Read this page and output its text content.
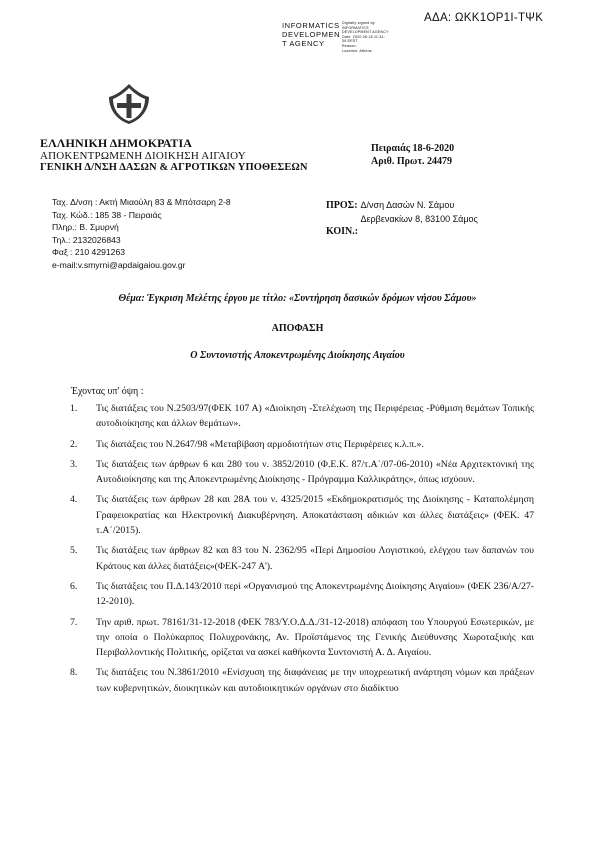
ΑΔΑ: ΩΚΚ1ΟΡ1Ι-ΤΨΚ
INFORMATICS
DEVELOPMEN
T AGENCY
Digitally signed by
INFORMATICS
DEVELOPMENT AGENCY
Date: 2020.06.18 11:34:
35 EEST
Reason:
Location: Athens
ΕΛΛΗΝΙΚΗ ΔΗΜΟΚΡΑΤΙΑ
ΑΠΟΚΕΝΤΡΩΜΕΝΗ ΔΙΟΙΚΗΣΗ ΑΙΓΑΙΟΥ
ΓΕΝΙΚΗ Δ/ΝΣΗ ΔΑΣΩΝ & ΑΓΡΟΤΙΚΩΝ ΥΠΟΘΕΣΕΩΝ
Πειραιάς 18-6-2020
Αριθ. Πρωτ. 24479
Ταχ. Δ/νση : Ακτή Μιαούλη 83 & Μπότσαρη 2-8
Ταχ. Κώδ.: 185 38 - Πειραιάς
Πληρ.: Β. Σμυρνή
Τηλ.: 2132026843
Φαξ : 210 4291263
e-mail:v.smyrni@apdaigaiou.gov.gr
ΠΡΟΣ: Δ/νση Δασών Ν. Σάμου
Δερβενακίων 8, 83100 Σάμος
ΚΟΙΝ.:
Θέμα: Έγκριση Μελέτης έργου με τίτλο: «Συντήρηση δασικών δρόμων νήσου Σάμου»
ΑΠΟΦΑΣΗ
Ο Συντονιστής Αποκεντρωμένης Διοίκησης Αιγαίου
Έχοντας υπ' όψη :
1. Τις διατάξεις του Ν.2503/97(ΦΕΚ 107 Α) «Διοίκηση -Στελέχωση της Περιφέρειας -Ρύθμιση θεμάτων Τοπικής αυτοδιοίκησης και άλλων θεμάτων».
2. Τις διατάξεις του Ν.2647/98 «Μεταβίβαση αρμοδιοτήτων στις Περιφέρειες κ.λ.π.».
3. Τις διατάξεις των άρθρων 6 και 280 του ν. 3852/2010 (Φ.Ε.Κ. 87/τ.Α΄/07-06-2010) «Νέα Αρχιτεκτονική της Αυτοδιοίκησης και της Αποκεντρωμένης Διοίκησης - Πρόγραμμα Καλλικράτης», όπως ισχύουν.
4. Τις διατάξεις των άρθρων 28 και 28Α του ν. 4325/2015 «Εκδημοκρατισμός της Διοίκησης - Καταπολέμηση Γραφειοκρατίας και Ηλεκτρονική Διακυβέρνηση. Αποκατάσταση αδικιών και άλλες διατάξεις» (ΦΕΚ. 47 τ.Α΄/2015).
5. Τις διατάξεις των άρθρων 82 και 83 του Ν. 2362/95 «Περί Δημοσίου Λογιστικού, ελέγχου των δαπανών του Κράτους και άλλες διατάξεις»(ΦΕΚ-247 Α').
6. Τις διατάξεις του Π.Δ.143/2010 περί «Οργανισμού της Αποκεντρωμένης Διοίκησης Αιγαίου» (ΦΕΚ 236/Α/27-12-2010).
7. Την αριθ. πρωτ. 78161/31-12-2018 (ΦΕΚ 783/Υ.Ο.Δ.Δ./31-12-2018) απόφαση του Υπουργού Εσωτερικών, με την οποία ο Πολύκαρπος Πολυχρονάκης, Αν. Προϊστάμενος της Γενικής Διεύθυνσης Χωροταξικής και Περιβαλλοντικής Πολιτικής, ορίζεται να ασκεί καθήκοντα Συντονιστή Α. Δ. Αιγαίου.
8. Τις διατάξεις του Ν.3861/2010 «Ενίσχυση της διαφάνειας με την υποχρεωτική ανάρτηση νόμων και πράξεων των κυβερνητικών, διοικητικών και αυτοδιοικητικών οργάνων στο διαδίκτυο
